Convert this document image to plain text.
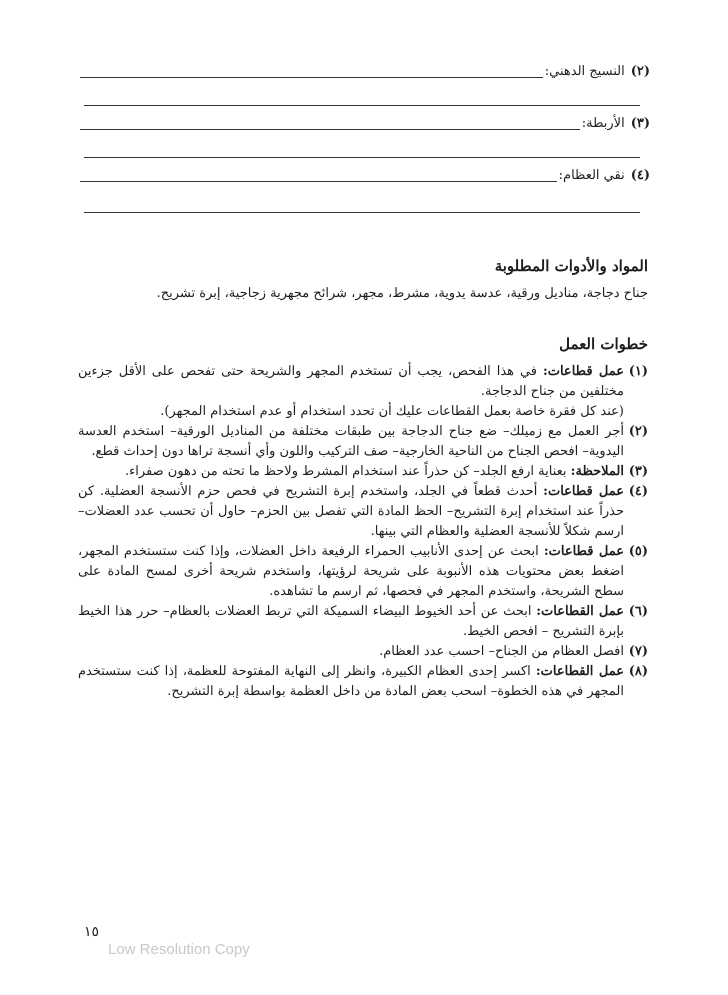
(٢)
النسيج الدهني:
(٣)
الأربطة:
(٤)
نقي العظام:
المواد والأدوات المطلوبة
جناح دجاجة، مناديل ورقية، عدسة يدوية، مشرط، مجهر، شرائح مجهرية زجاجية، إبرة تشريح.
خطوات العمل
(١)
عمل قطاعات: في هذا الفحص، يجب أن تستخدم المجهر والشريحة حتى تفحص على الأقل جزءين مختلفين من جناح الدجاجة.
(عند كل فقرة خاصة بعمل القطاعات عليك أن تحدد استخدام أو عدم استخدام المجهر).
(٢)
أجر العمل مع زميلك– ضع جناح الدجاجة بين طبقات مختلفة من المناديل الورقية– استخدم العدسة اليدوية– افحص الجناح من الناحية الخارجية– صف التركيب واللون وأي أنسجة تراها دون إحداث قطع.
(٣)
الملاحظة: بعناية ارفع الجلد– كن حذراً عند استخدام المشرط ولاحظ ما تحته من دهون صفراء.
(٤)
عمل قطاعات: أحدث قطعاً في الجلد، واستخدم إبرة التشريح في فحص حزم الأنسجة العضلية. كن حذراً عند استخدام إبرة التشريح– الحظ المادة التي تفصل بين الحزم– حاول أن تحسب عدد العضلات– ارسم شكلاً للأنسجة العضلية والعظام التي بينها.
(٥)
عمل قطاعات: ابحث عن إحدى الأنابيب الحمراء الرفيعة داخل العضلات، وإذا كنت ستستخدم المجهر، اضغط بعض محتويات هذه الأنبوبة على شريحة لرؤيتها، واستخدم شريحة أخرى لمسح المادة على سطح الشريحة، واستخدم المجهر في فحصها، ثم ارسم ما تشاهده.
(٦)
عمل القطاعات: ابحث عن أحد الخيوط البيضاء السميكة التي تربط العضلات بالعظام– حرر هذا الخيط بإبرة التشريح – افحص الخيط.
(٧)
افصل العظام من الجناح– احسب عدد العظام.
(٨)
عمل القطاعات: اكسر إحدى العظام الكبيرة، وانظر إلى النهاية المفتوحة للعظمة، إذا كنت ستستخدم المجهر في هذه الخطوة– اسحب بعض المادة من داخل العظمة بواسطة إبرة التشريح.
١٥
Low Resolution Copy
